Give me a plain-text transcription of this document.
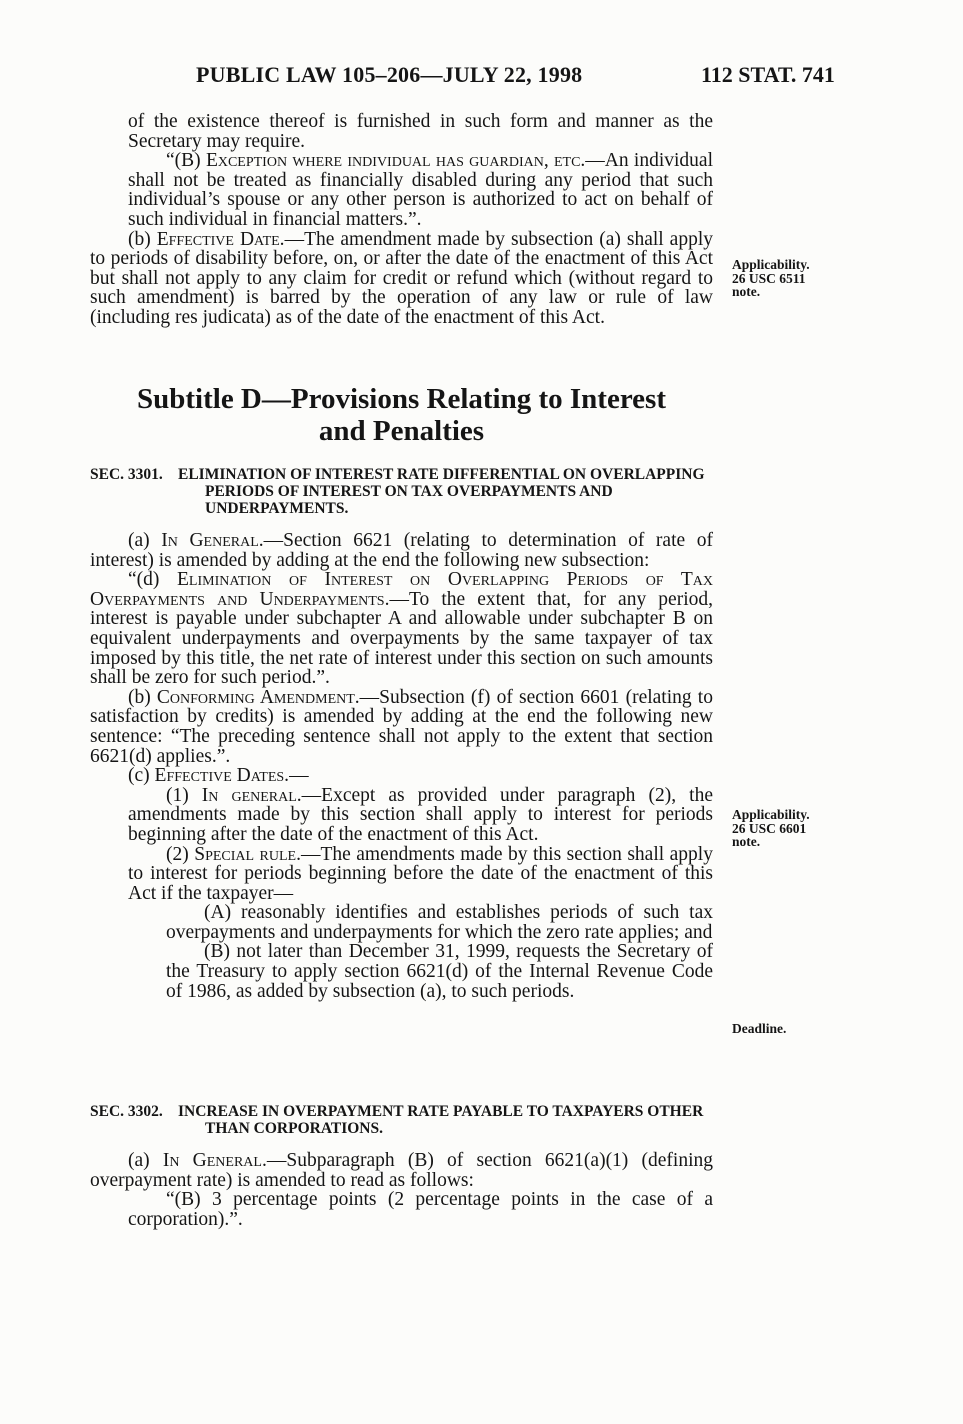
PUBLIC LAW 105–206—JULY 22, 1998	112 STAT. 741

of the existence thereof is furnished in such form and manner as the Secretary may require.

“(B) Exception where individual has guardian, etc.—An individual shall not be treated as financially disabled during any period that such individual’s spouse or any other person is authorized to act on behalf of such individual in financial matters.”.

(b) Effective Date.—The amendment made by subsection (a) shall apply to periods of disability before, on, or after the date of the enactment of this Act but shall not apply to any claim for credit or refund which (without regard to such amendment) is barred by the operation of any law or rule of law (including res judicata) as of the date of the enactment of this Act.

Subtitle D—Provisions Relating to Interest
and Penalties

SEC. 3301. ELIMINATION OF INTEREST RATE DIFFERENTIAL ON OVERLAPPING PERIODS OF INTEREST ON TAX OVERPAYMENTS AND UNDERPAYMENTS.

(a) In General.—Section 6621 (relating to determination of rate of interest) is amended by adding at the end the following new subsection:

“(d) Elimination of Interest on Overlapping Periods of Tax Overpayments and Underpayments.—To the extent that, for any period, interest is payable under subchapter A and allowable under subchapter B on equivalent underpayments and overpayments by the same taxpayer of tax imposed by this title, the net rate of interest under this section on such amounts shall be zero for such period.”.

(b) Conforming Amendment.—Subsection (f) of section 6601 (relating to satisfaction by credits) is amended by adding at the end the following new sentence: “The preceding sentence shall not apply to the extent that section 6621(d) applies.”.

(c) Effective Dates.—

(1) In general.—Except as provided under paragraph (2), the amendments made by this section shall apply to interest for periods beginning after the date of the enactment of this Act.

(2) Special rule.—The amendments made by this section shall apply to interest for periods beginning before the date of the enactment of this Act if the taxpayer—

(A) reasonably identifies and establishes periods of such tax overpayments and underpayments for which the zero rate applies; and

(B) not later than December 31, 1999, requests the Secretary of the Treasury to apply section 6621(d) of the Internal Revenue Code of 1986, as added by subsection (a), to such periods.

SEC. 3302. INCREASE IN OVERPAYMENT RATE PAYABLE TO TAXPAYERS OTHER THAN CORPORATIONS.

(a) In General.—Subparagraph (B) of section 6621(a)(1) (defining overpayment rate) is amended to read as follows:

“(B) 3 percentage points (2 percentage points in the case of a corporation).”.

Applicability.
26 USC 6511
note.
Applicability.
26 USC 6601
note.
Deadline.
